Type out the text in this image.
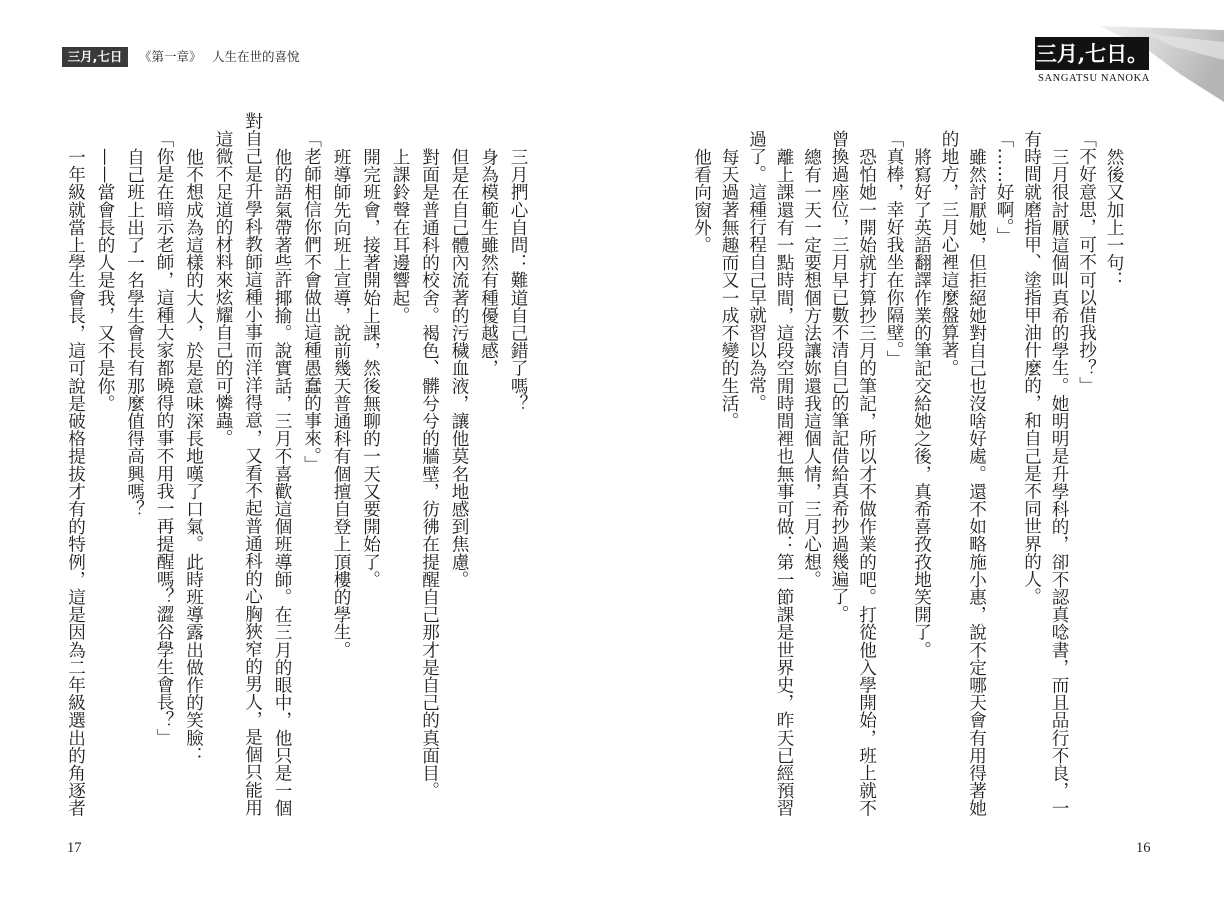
三月,七日	《第一章》 人生在世的喜悅
三月捫心自問：難道自己錯了嗎？
身為模範生雖然有種優越感，
但是在自己體內流著的污穢血液，讓他莫名地感到焦慮。
對面是普通科的校舍。褐色、髒兮兮的牆壁，彷彿在提醒自己那才是自己的真面目。
上課鈴聲在耳邊響起。
開完班會，接著開始上課，然後無聊的一天又要開始了。
班導師先向班上宣導，說前幾天普通科有個擅自登上頂樓的學生。
「老師相信你們不會做出這種愚蠢的事來。」
他的語氣帶著些許揶揄。說實話，三月不喜歡這個班導師。在三月的眼中，他只是一個
對自己是升學科教師這種小事而洋洋得意，又看不起普通科的心胸狹窄的男人，是個只能用
這微不足道的材料來炫耀自己的可憐蟲。
他不想成為這樣的大人，於是意味深長地嘆了口氣。此時班導露出做作的笑臉：
「你是在暗示老師，這種大家都曉得的事不用我一再提醒嗎？澀谷學生會長？」
自己班上出了一名學生會長有那麼值得高興嗎？
——當會長的人是我，又不是你。
一年級就當上學生會長，這可說是破格提拔才有的特例，這是因為二年級選出的角逐者
17
三月,七日。
SANGATSU NANOKA
然後又加上一句：
「不好意思，可不可以借我抄？」
三月很討厭這個叫真希的學生。她明明是升學科的，卻不認真唸書，而且品行不良，一
有時間就磨指甲、塗指甲油什麼的，和自己是不同世界的人。
「……好啊。」
雖然討厭她，但拒絕她對自己也沒啥好處。還不如略施小惠，說不定哪天會有用得著她
的地方，三月心裡這麼盤算著。
將寫好了英語翻譯作業的筆記交給她之後，真希喜孜孜地笑開了。
「真棒，幸好我坐在你隔壁。」
恐怕她一開始就打算抄三月的筆記，所以才不做作業的吧。打從他入學開始，班上就不
曾換過座位，三月早已數不清自己的筆記借給真希抄過幾遍了。
總有一天一定要想個方法讓妳還我這個人情，三月心想。
離上課還有一點時間，這段空閒時間裡也無事可做：第一節課是世界史，昨天已經預習
過了。這種行程自己早就習以為常。
每天過著無趣而又一成不變的生活。
他看向窗外。
16
